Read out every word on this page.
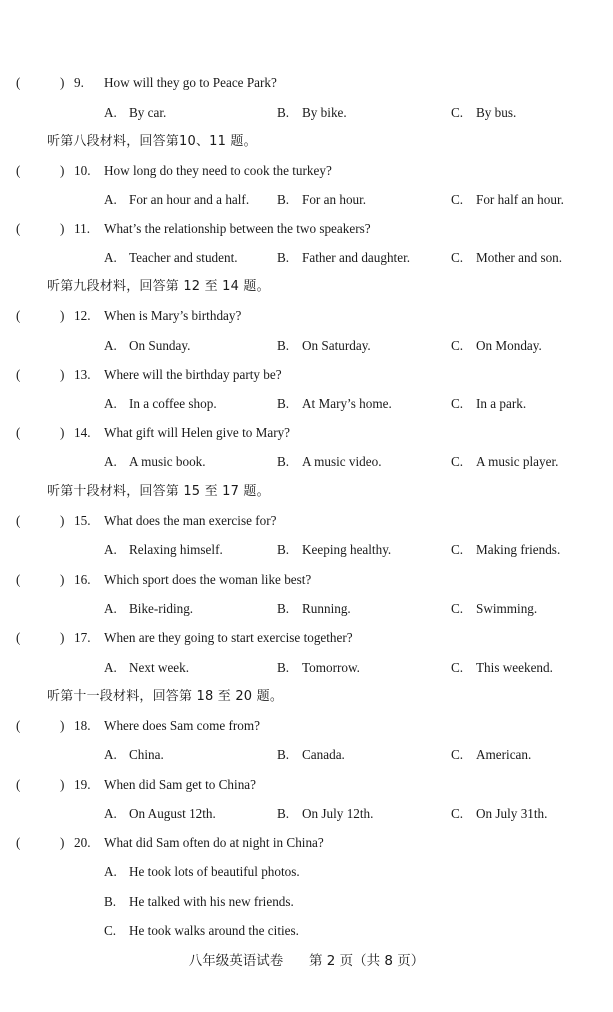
(	) 9. How will they go to Peace Park?
A. By car.	B. By bike.	C. By bus.
听第八段材料，回答第10、11 题。
(	) 10. How long do they need to cook the turkey?
A. For an hour and a half. B. For an hour.	C. For half an hour.
(	) 11. What’s the relationship between the two speakers?
A. Teacher and student.	B. Father and daughter.	C. Mother and son.
听第九段材料，回答第 12 至 14 题。
(	) 12. When is Mary’s birthday?
A. On Sunday.	B. On Saturday.	C. On Monday.
(	) 13. Where will the birthday party be?
A. In a coffee shop.	B. At Mary’s home.	C. In a park.
(	) 14. What gift will Helen give to Mary?
A. A music book.	B. A music video.	C. A music player.
听第十段材料，回答第 15 至 17 题。
(	) 15. What does the man exercise for?
A. Relaxing himself.	B. Keeping healthy.	C. Making friends.
(	) 16. Which sport does the woman like best?
A. Bike-riding.	B. Running.	C. Swimming.
(	) 17. When are they going to start exercise together?
A. Next week.	B. Tomorrow.	C. This weekend.
听第十一段材料，回答第 18 至 20 题。
(	) 18. Where does Sam come from?
A. China.	B. Canada.	C. American.
(	) 19. When did Sam get to China?
A. On August 12th.	B. On July 12th.	C. On July 31th.
(	) 20. What did Sam often do at night in China?
A. He took lots of beautiful photos.
B. He talked with his new friends.
C. He took walks around the cities.
八年级英语试卷 第 2 页（共 8 页）
